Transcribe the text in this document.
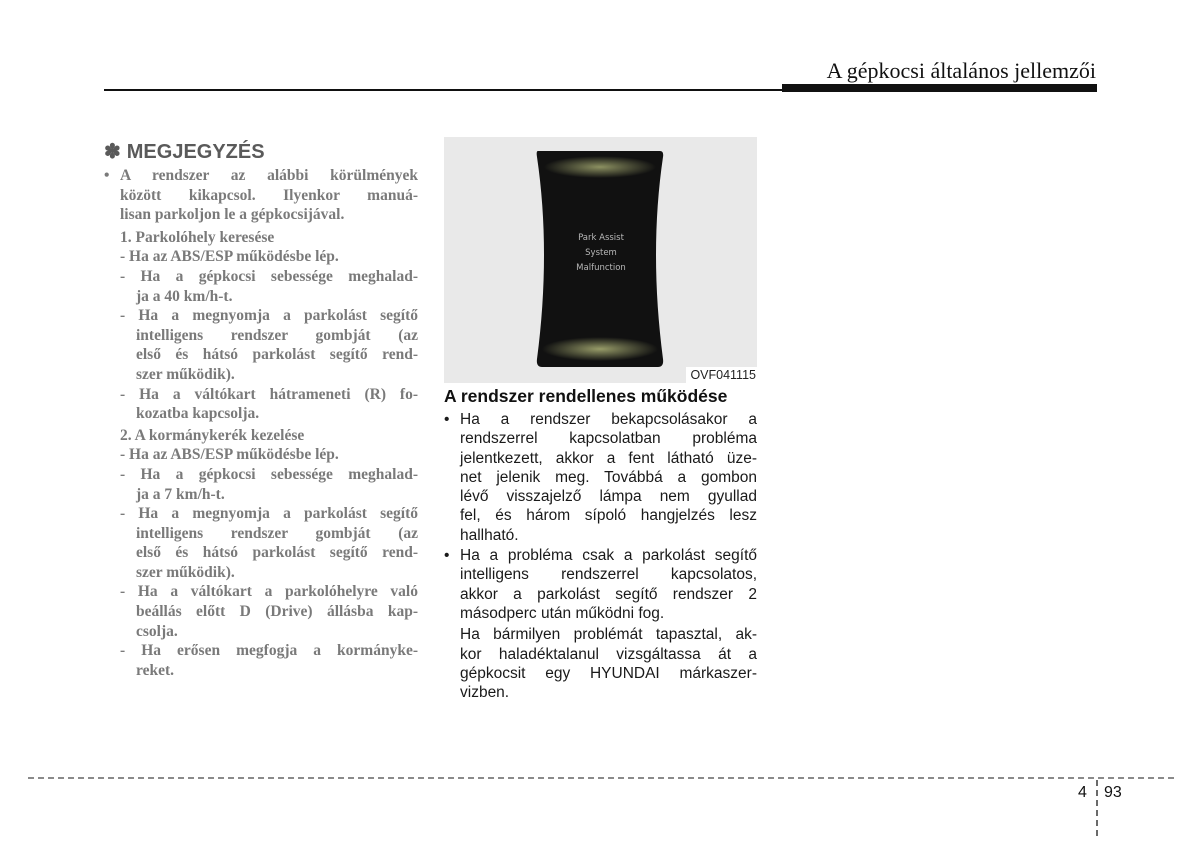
A gépkocsi általános jellemzői
✽ MEGJEGYZÉS
• A rendszer az alábbi körülmények
között kikapcsol. Ilyenkor manuá-
lisan parkoljon le a gépkocsijával.
1. Parkolóhely keresése
- Ha az ABS/ESP működésbe lép.
- Ha a gépkocsi sebessége meghalad-
ja a 40 km/h-t.
- Ha a megnyomja a parkolást segítő
intelligens rendszer gombját (az
első és hátsó parkolást segítő rend-
szer működik).
- Ha a váltókart hátrameneti (R) fo-
kozatba kapcsolja.
2. A kormánykerék kezelése
- Ha az ABS/ESP működésbe lép.
- Ha a gépkocsi sebessége meghalad-
ja a 7 km/h-t.
- Ha a megnyomja a parkolást segítő
intelligens rendszer gombját (az
első és hátsó parkolást segítő rend-
szer működik).
- Ha a váltókart a parkolóhelyre való
beállás előtt D (Drive) állásba kap-
csolja.
- Ha erősen megfogja a kormányke-
reket.
Park Assist
System
Malfunction
OVF041115
A rendszer rendellenes működése
• Ha a rendszer bekapcsolásakor a
rendszerrel kapcsolatban probléma
jelentkezett, akkor a fent látható üze-
net jelenik meg. Továbbá a gombon
lévő visszajelző lámpa nem gyullad
fel, és három sípoló hangjelzés lesz
hallható.
• Ha a probléma csak a parkolást segítő
intelligens rendszerrel kapcsolatos,
akkor a parkolást segítő rendszer 2
másodperc után működni fog.
Ha bármilyen problémát tapasztal, ak-
kor haladéktalanul vizsgáltassa át a
gépkocsit egy HYUNDAI márkaszer-
vizben.
4 93
